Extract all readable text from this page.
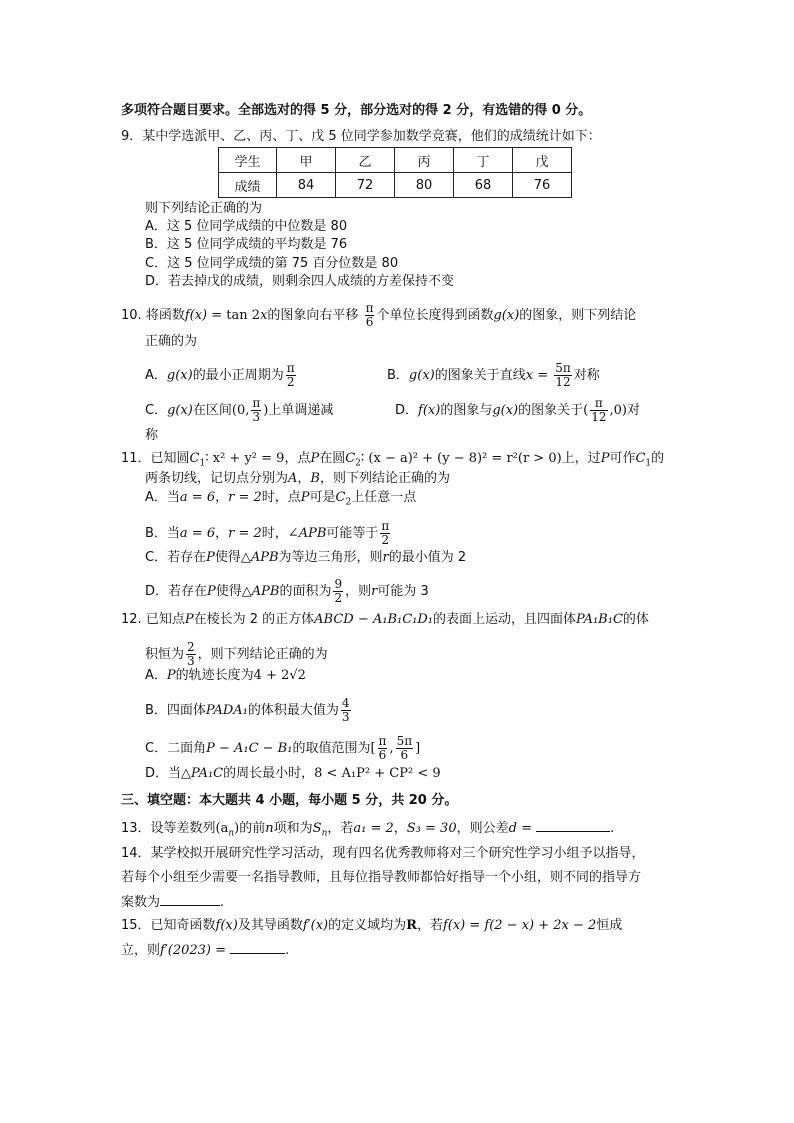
多项符合题目要求。全部选对的得 5 分，部分选对的得 2 分，有选错的得 0 分。
9．某中学选派甲、乙、丙、丁、戊 5 位同学参加数学竞赛，他们的成绩统计如下：
学生	甲	乙	丙	丁	戊
成绩	84	72	80	68	76
则下列结论正确的为
A．这 5 位同学成绩的中位数是 80
B．这 5 位同学成绩的平均数是 76
C．这 5 位同学成绩的第 75 百分位数是 80
D．若去掉戊的成绩，则剩余四人成绩的方差保持不变
10. 将函数f(x) = tan 2x的图象向右平移 $\frac{\pi}{6}$ 个单位长度得到函数g(x)的图象，则下列结论
正确的为
A．g(x)的最小正周期为 $\frac{\pi}{2}$	B．g(x)的图象关于直线$x = \frac{5\pi}{12}$ 对称
C．g(x)在区间(0, $\frac{\pi}{3}$ )上单调递减	D．f(x)的图象与g(x)的图象关于( $\frac{\pi}{12} ,0$)对
称
11．已知圆$C_1∶$ x² + y² = 9，点P在圆$C_2∶$ (x − a)² + (y − 8)² = r²(r > 0)上，过P可作$C_1$的
两条切线，记切点分别为A，B，则下列结论正确的为
A．当a = 6，r = 2时，点P可是$C_2$上任意一点
B．当a = 6，r = 2时，∠APB可能等于 $\frac{\pi}{2}$
C．若存在P使得△APB为等边三角形，则r的最小值为 2
D．若存在P使得△APB的面积为 $\frac{9}{2}$ ，则r可能为 3
12. 已知点P在棱长为 2 的正方体ABCD − A₁B₁C₁D₁的表面上运动，且四面体PA₁B₁C的体
积恒为 $\frac{2}{3}$ ，则下列结论正确的为
A．P的轨迹长度为4 + 2√2
B．四面体PADA₁的体积最大值为 $\frac{4}{3}$
C．二面角P − A₁C − B₁的取值范围为[ $\frac{\pi}{6}$ , $\frac{5\pi}{6}$ ]
D．当△PA₁C的周长最小时，8 < A₁P² + CP² < 9
三、填空题：本大题共 4 小题，每小题 5 分，共 20 分。
13．设等差数列$(a_n)$的前n项和为$S_n$，若a₁ = 2，S₃ = 30，则公差d =	.
14．某学校拟开展研究性学习活动，现有四名优秀教师将对三个研究性学习小组予以指导，
若每个小组至少需要一名指导教师，且每位指导教师都恰好指导一个小组，则不同的指导方
案数为	.
15．已知奇函数f(x)及其导函数f′(x)的定义域均为R，若f(x) = f(2 − x) + 2x − 2恒成
立，则f′(2023) =	.
